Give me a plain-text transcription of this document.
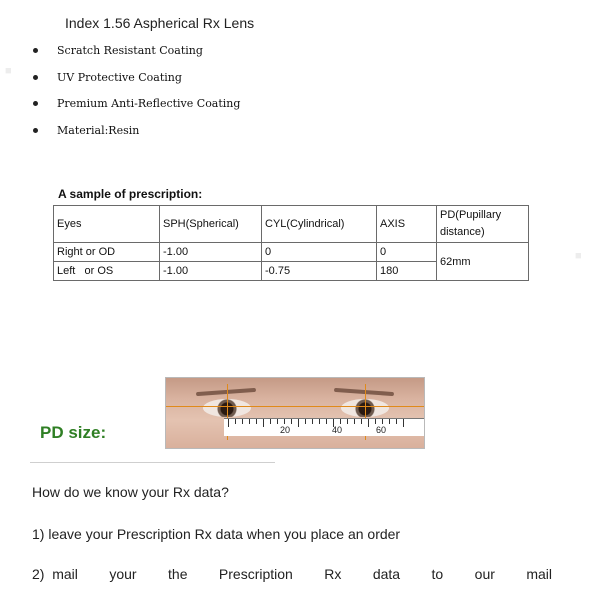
■
■
Index 1.56 Aspherical Rx Lens
Scratch Resistant Coating
UV Protective Coating
Premium Anti-Reflective Coating
Material:Resin
A sample of prescription:
Eyes	SPH(Spherical)	CYL(Cylindrical)	AXIS	PD(Pupillary distance)
Right or OD	-1.00	0	0	62mm
Left   or OS	-1.00	-0.75	180	
PD size:	20	40	60
How do we know your Rx data?
1) leave your Prescription Rx data when you place an order
2)  mail your the Prescription Rx data to our mail
